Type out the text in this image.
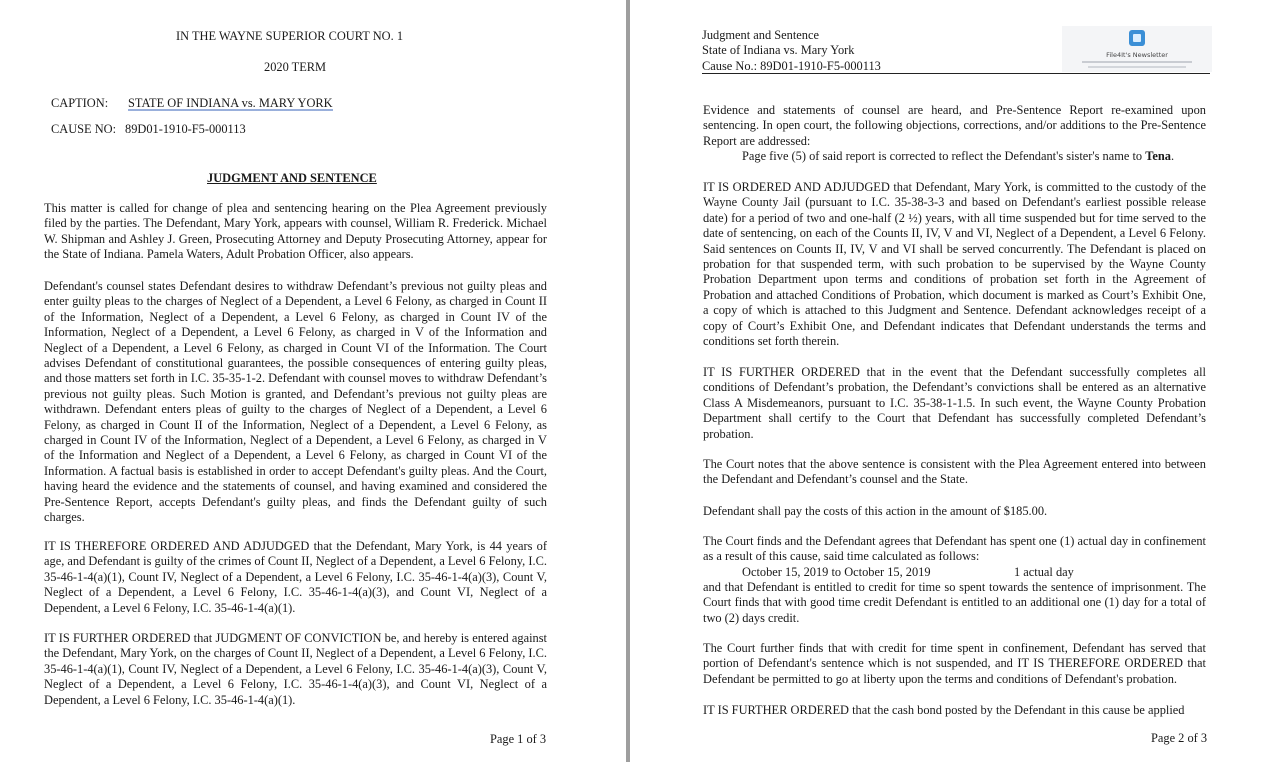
IN THE WAYNE SUPERIOR COURT NO. 1
2020 TERM
CAPTION: STATE OF INDIANA vs. MARY YORK
CAUSE NO: 89D01-1910-F5-000113
JUDGMENT AND SENTENCE
This matter is called for change of plea and sentencing hearing on the Plea Agreement previously filed by the parties. The Defendant, Mary York, appears with counsel, William R. Frederick. Michael W. Shipman and Ashley J. Green, Prosecuting Attorney and Deputy Prosecuting Attorney, appear for the State of Indiana. Pamela Waters, Adult Probation Officer, also appears.
Defendant's counsel states Defendant desires to withdraw Defendant’s previous not guilty pleas and enter guilty pleas to the charges of Neglect of a Dependent, a Level 6 Felony, as charged in Count II of the Information, Neglect of a Dependent, a Level 6 Felony, as charged in Count IV of the Information, Neglect of a Dependent, a Level 6 Felony, as charged in V of the Information and Neglect of a Dependent, a Level 6 Felony, as charged in Count VI of the Information. The Court advises Defendant of constitutional guarantees, the possible consequences of entering guilty pleas, and those matters set forth in I.C. 35-35-1-2. Defendant with counsel moves to withdraw Defendant’s previous not guilty pleas. Such Motion is granted, and Defendant’s previous not guilty pleas are withdrawn. Defendant enters pleas of guilty to the charges of Neglect of a Dependent, a Level 6 Felony, as charged in Count II of the Information, Neglect of a Dependent, a Level 6 Felony, as charged in Count IV of the Information, Neglect of a Dependent, a Level 6 Felony, as charged in V of the Information and Neglect of a Dependent, a Level 6 Felony, as charged in Count VI of the Information. A factual basis is established in order to accept Defendant's guilty pleas. And the Court, having heard the evidence and the statements of counsel, and having examined and considered the Pre-Sentence Report, accepts Defendant's guilty pleas, and finds the Defendant guilty of such charges.
IT IS THEREFORE ORDERED AND ADJUDGED that the Defendant, Mary York, is 44 years of age, and Defendant is guilty of the crimes of Count II, Neglect of a Dependent, a Level 6 Felony, I.C. 35-46-1-4(a)(1), Count IV, Neglect of a Dependent, a Level 6 Felony, I.C. 35-46-1-4(a)(3), Count V, Neglect of a Dependent, a Level 6 Felony, I.C. 35-46-1-4(a)(3), and Count VI, Neglect of a Dependent, a Level 6 Felony, I.C. 35-46-1-4(a)(1).
IT IS FURTHER ORDERED that JUDGMENT OF CONVICTION be, and hereby is entered against the Defendant, Mary York, on the charges of Count II, Neglect of a Dependent, a Level 6 Felony, I.C. 35-46-1-4(a)(1), Count IV, Neglect of a Dependent, a Level 6 Felony, I.C. 35-46-1-4(a)(3), Count V, Neglect of a Dependent, a Level 6 Felony, I.C. 35-46-1-4(a)(3), and Count VI, Neglect of a Dependent, a Level 6 Felony, I.C. 35-46-1-4(a)(1).
Page 1 of 3
Judgment and Sentence
State of Indiana vs. Mary York
Cause No.: 89D01-1910-F5-000113
File4It's Newsletter
Evidence and statements of counsel are heard, and Pre-Sentence Report re-examined upon sentencing. In open court, the following objections, corrections, and/or additions to the Pre-Sentence Report are addressed:
Page five (5) of said report is corrected to reflect the Defendant's sister's name to Tena.
IT IS ORDERED AND ADJUDGED that Defendant, Mary York, is committed to the custody of the Wayne County Jail (pursuant to I.C. 35-38-3-3 and based on Defendant's earliest possible release date) for a period of two and one-half (2 ½) years, with all time suspended but for time served to the date of sentencing, on each of the Counts II, IV, V and VI, Neglect of a Dependent, a Level 6 Felony. Said sentences on Counts II, IV, V and VI shall be served concurrently. The Defendant is placed on probation for that suspended term, with such probation to be supervised by the Wayne County Probation Department upon terms and conditions of probation set forth in the Agreement of Probation and attached Conditions of Probation, which document is marked as Court’s Exhibit One, a copy of which is attached to this Judgment and Sentence. Defendant acknowledges receipt of a copy of Court’s Exhibit One, and Defendant indicates that Defendant understands the terms and conditions set forth therein.
IT IS FURTHER ORDERED that in the event that the Defendant successfully completes all conditions of Defendant’s probation, the Defendant’s convictions shall be entered as an alternative Class A Misdemeanors, pursuant to I.C. 35-38-1-1.5. In such event, the Wayne County Probation Department shall certify to the Court that Defendant has successfully completed Defendant’s probation.
The Court notes that the above sentence is consistent with the Plea Agreement entered into between the Defendant and Defendant’s counsel and the State.
Defendant shall pay the costs of this action in the amount of $185.00.
The Court finds and the Defendant agrees that Defendant has spent one (1) actual day in confinement as a result of this cause, said time calculated as follows:
October 15, 2019 to October 15, 2019	1 actual day
and that Defendant is entitled to credit for time so spent towards the sentence of imprisonment. The Court finds that with good time credit Defendant is entitled to an additional one (1) day for a total of two (2) days credit.
The Court further finds that with credit for time spent in confinement, Defendant has served that portion of Defendant's sentence which is not suspended, and IT IS THEREFORE ORDERED that Defendant be permitted to go at liberty upon the terms and conditions of Defendant's probation.
IT IS FURTHER ORDERED that the cash bond posted by the Defendant in this cause be applied
Page 2 of 3
